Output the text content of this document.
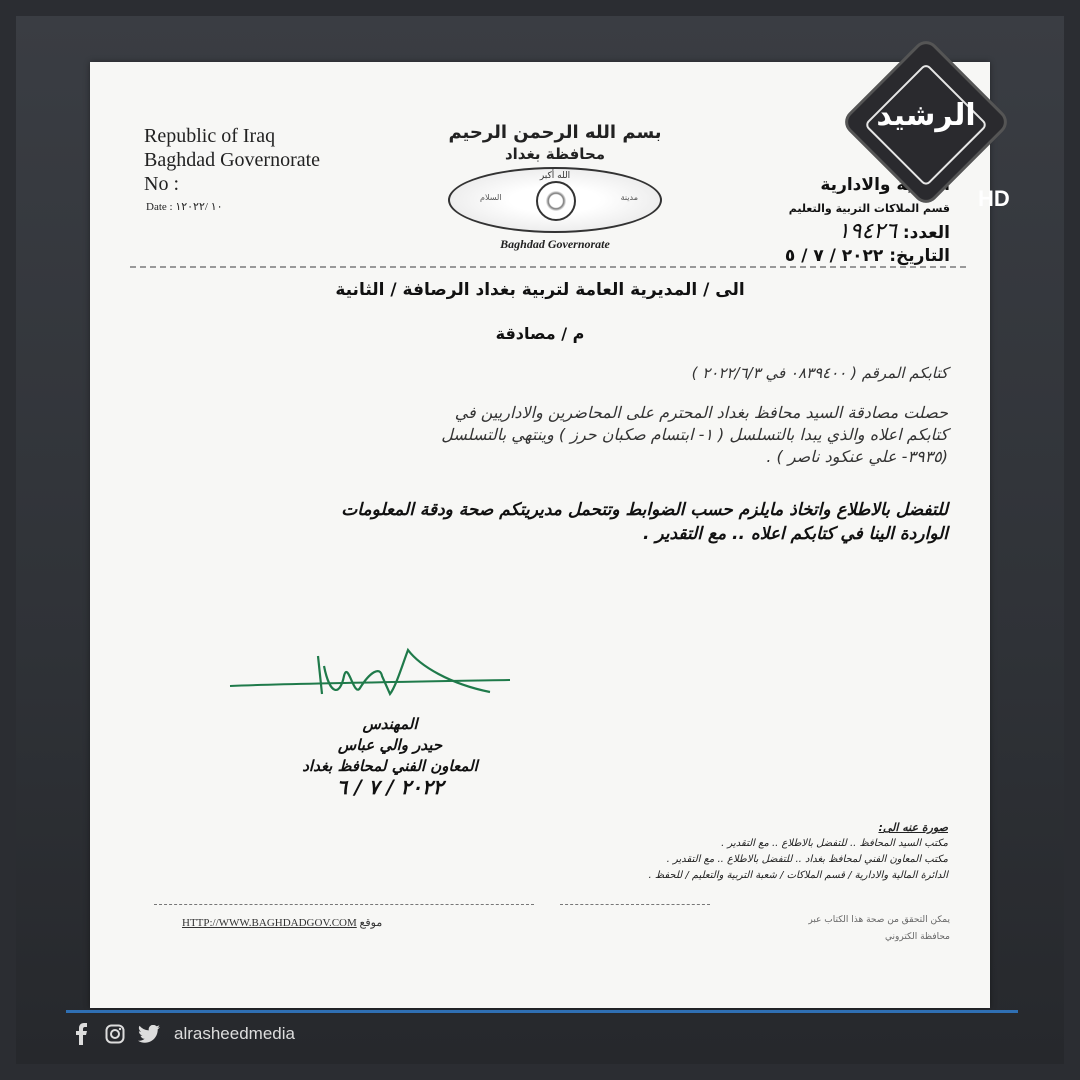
Republic of Iraq
Baghdad Governorate
No :
Date : ١٠ /١٢٠٢٢
بسم الله الرحمن الرحيم
محافظة بغداد
الله أكبر
السلام	مدينة
Baghdad Governorate
المالية والادارية
قسم الملاكات التربية والتعليم
العدد: ١٩٤٢٦
التاريخ: ٢٠٢٢ / ٧ / ٥
الى / المديرية العامة لتربية بغداد الرصافة / الثانية
م / مصادقة
كتابكم المرقم ( ٠٨٣٩٤٠٠ في ٢٠٢٢/٦/٣ )
حصلت مصادقة السيد محافظ بغداد المحترم على المحاضرين والاداريين في
كتابكم اعلاه والذي يبدا بالتسلسل ( ١- ابتسام صكبان حرز ) وينتهي بالتسلسل
(٣٩٣٥- علي عنكود ناصر ) .
للتفضل بالاطلاع واتخاذ مايلزم حسب الضوابط وتتحمل مديريتكم صحة ودقة المعلومات
الواردة الينا في كتابكم اعلاه .. مع التقدير .
المهندس
حيدر والي عباس
المعاون الفني لمحافظ بغداد
٢٠٢٢ / ٧ / ٦
صورة عنه الى:
مكتب السيد المحافظ .. للتفضل بالاطلاع .. مع التقدير .
مكتب المعاون الفني لمحافظ بغداد .. للتفضل بالاطلاع .. مع التقدير .
الدائرة المالية والادارية / قسم الملاكات / شعبة التربية والتعليم / للحفظ .
HTTP://WWW.BAGHDADGOV.COM موقع	يمكن التحقق من صحة هذا الكتاب عبر
محافظة الكتروني
الرشيد
HD
alrasheedmedia
